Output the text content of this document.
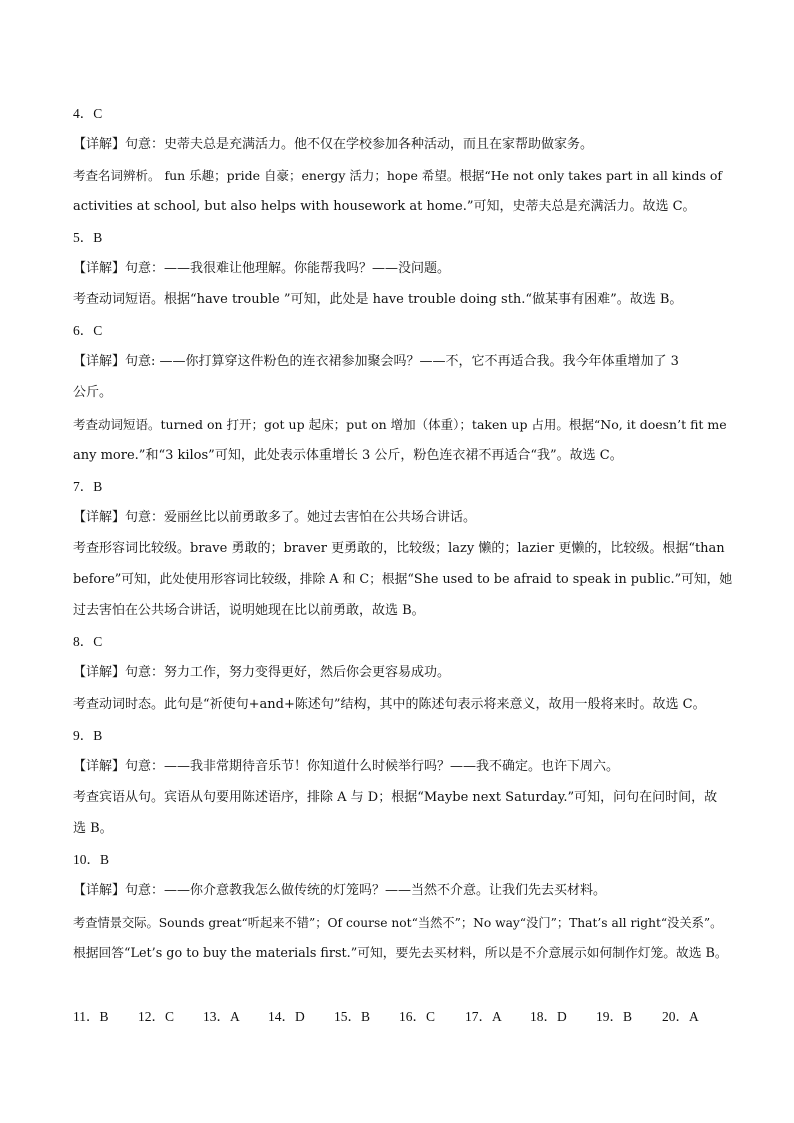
4．C
【详解】句意：史蒂夫总是充满活力。他不仅在学校参加各种活动，而且在家帮助做家务。
考查名词辨析。 fun 乐趣；pride 自豪；energy 活力；hope 希望。根据“He not only takes part in all kinds of
activities at school, but also helps with housework at home.”可知，史蒂夫总是充满活力。故选 C。
5．B
【详解】句意：——我很难让他理解。你能帮我吗？——没问题。
考查动词短语。根据“have trouble ”可知，此处是 have trouble doing sth.“做某事有困难”。故选 B。
6．C
【详解】句意: ——你打算穿这件粉色的连衣裙参加聚会吗？——不，它不再适合我。我今年体重增加了 3
公斤。
考查动词短语。turned on 打开；got up 起床；put on 增加（体重）；taken up 占用。根据“No, it doesn’t fit me
any more.”和“3 kilos”可知，此处表示体重增长 3 公斤，粉色连衣裙不再适合“我”。故选 C。
7．B
【详解】句意：爱丽丝比以前勇敢多了。她过去害怕在公共场合讲话。
考查形容词比较级。brave 勇敢的；braver 更勇敢的，比较级；lazy 懒的；lazier 更懒的，比较级。根据“than
before”可知，此处使用形容词比较级，排除 A 和 C；根据“She used to be afraid to speak in public.”可知，她
过去害怕在公共场合讲话，说明她现在比以前勇敢，故选 B。
8．C
【详解】句意：努力工作，努力变得更好，然后你会更容易成功。
考查动词时态。此句是“祈使句+and+陈述句”结构，其中的陈述句表示将来意义，故用一般将来时。故选 C。
9．B
【详解】句意：——我非常期待音乐节！你知道什么时候举行吗？——我不确定。也许下周六。
考查宾语从句。宾语从句要用陈述语序，排除 A 与 D；根据“Maybe next Saturday.”可知，问句在问时间，故
选 B。
10．B
【详解】句意：——你介意教我怎么做传统的灯笼吗？——当然不介意。让我们先去买材料。
考查情景交际。Sounds great“听起来不错”；Of course not“当然不”；No way“没门”；That’s all right“没关系”。
根据回答“Let’s go to buy the materials first.”可知，要先去买材料，所以是不介意展示如何制作灯笼。故选 B。
11．B 12．C 13．A 14．D 15．B 16．C 17．A 18．D 19．B 20．A
